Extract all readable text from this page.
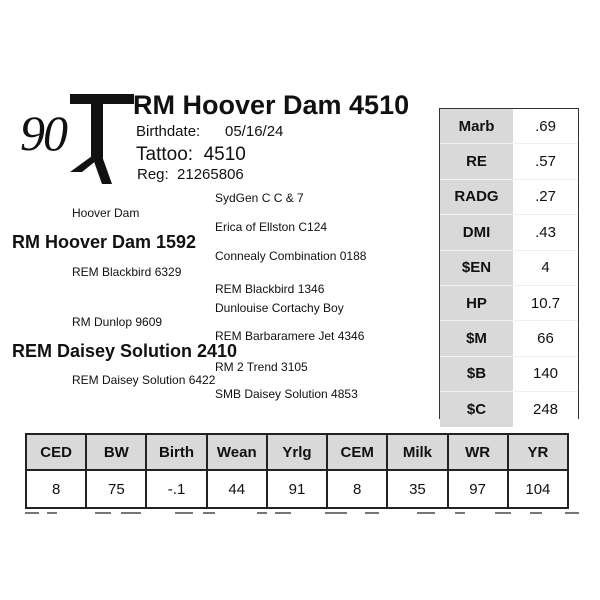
90 RM Hoover Dam 4510
Birthdate: 05/16/24
Tattoo: 4510
Reg: 21265806
SydGen C C & 7
Hoover Dam
Erica of Ellston C124
RM Hoover Dam 1592
Connealy Combination 0188
REM Blackbird 6329
REM Blackbird 1346
Dunlouise Cortachy Boy
RM Dunlop 9609
REM Barbaramere Jet 4346
REM Daisey Solution 2410
RM 2 Trend 3105
REM Daisey Solution 6422
SMB Daisey Solution 4853
Marb	.69
RE	.57
RADG	.27
DMI	.43
$EN	4
HP	10.7
$M	66
$B	140
$C	248
CED	BW	Birth	Wean	Yrlg	CEM	Milk	WR	YR
8	75	-.1	44	91	8	35	97	104
